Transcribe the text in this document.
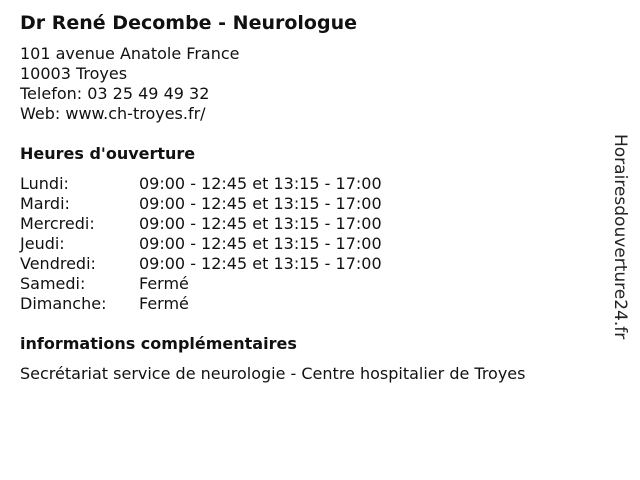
Dr René Decombe - Neurologue
101 avenue Anatole France
10003 Troyes
Telefon: 03 25 49 49 32
Web: www.ch-troyes.fr/
Heures d'ouverture
Lundi:	09:00 - 12:45 et 13:15 - 17:00
Mardi:	09:00 - 12:45 et 13:15 - 17:00
Mercredi:	09:00 - 12:45 et 13:15 - 17:00
Jeudi:	09:00 - 12:45 et 13:15 - 17:00
Vendredi:	09:00 - 12:45 et 13:15 - 17:00
Samedi:	Fermé
Dimanche:	Fermé
informations complémentaires
Secrétariat service de neurologie - Centre hospitalier de Troyes
Horairesdouverture24.fr
